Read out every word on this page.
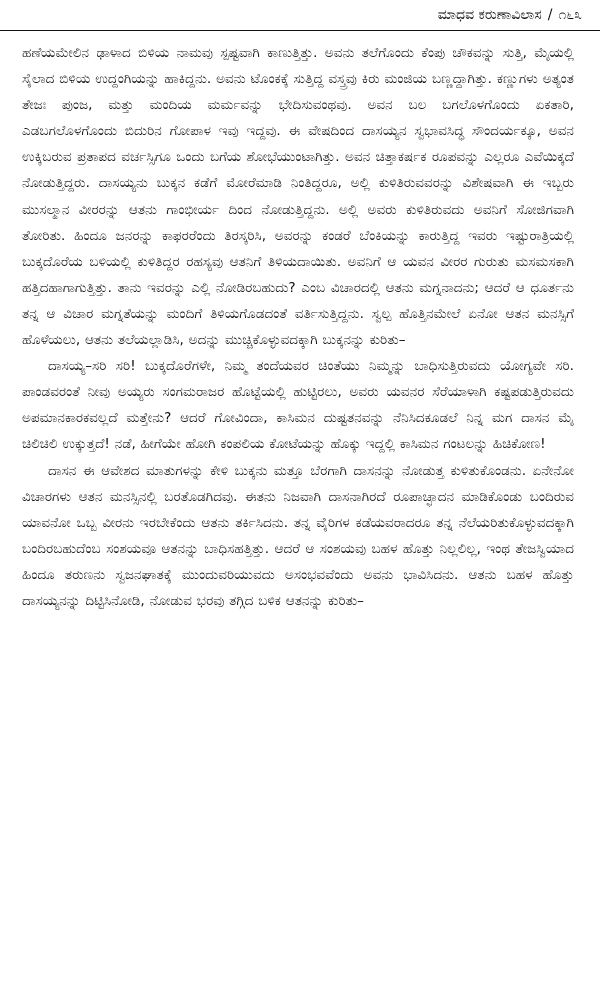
ಮಾಧವ ಕರುಣಾವಿಲಾಸ / ೧೬೩

ಹಣೆಯಮೇಲಿನ ಢಾಳಾದ ಬಿಳಿಯ ನಾಮವು ಸ್ಪಷ್ಟವಾಗಿ ಕಾಣುತ್ತಿತ್ತು. ಅವನು ತಲೆಗೊಂದು ಕೆಂಪು ಚೌಕವನ್ನು ಸುತ್ತಿ, ಮೈಯಲ್ಲಿ ಸೈಲಾದ ಬಿಳಿಯ ಉದ್ದಂಗಿಯನ್ನು ಹಾಕಿದ್ದನು. ಅವನು ಟೊಂಕಕ್ಕೆ ಸುತ್ತಿದ್ದ ವಸ್ತ್ರವು ಕಿರು ಮಂಜಿಯ ಬಣ್ಣದ್ದಾಗಿತ್ತು. ಕಣ್ಣುಗಳು ಅತ್ಯಂತ ತೇಜಃ ಪುಂಜ, ಮತ್ತು ಮಂದಿಯ ಮರ್ಮವನ್ನು ಭೇದಿಸುವಂಥವು. ಅವನ ಬಲ ಬಗಲೊಳಗೊಂದು ಏಕತಾರಿ, ಎಡಬಗಲೊಳಗೊಂದು ಬಿದುರಿನ ಗೋಪಾಳ ಇವು ಇದ್ದವು. ಈ ವೇಷದಿಂದ ದಾಸಯ್ಯನ ಸ್ವಭಾವಸಿದ್ಧ ಸೌಂದರ್ಯಕ್ಕೂ, ಅವನ ಉಕ್ಕಿಬರುವ ಪ್ರತಾಪದ ವರ್ಚಸ್ಸಿಗೂ ಒಂದು ಬಗೆಯ ಶೋಭೆಯುಂಟಾಗಿತ್ತು. ಅವನ ಚಿತ್ತಾಕರ್ಷಕ ರೂಪವನ್ನು ಎಲ್ಲರೂ ಎವೆಯಿಕ್ಕದೆ ನೋಡುತ್ತಿದ್ದರು. ದಾಸಯ್ಯನು ಬುಕ್ಕನ ಕಡೆಗೆ ಮೋರೆಮಾಡಿ ನಿಂತಿದ್ದರೂ, ಅಲ್ಲಿ ಕುಳಿತಿರುವವರನ್ನು ವಿಶೇಷವಾಗಿ ಈ ಇಬ್ಬರು ಮುಸಲ್ಮಾನ ವೀರರನ್ನು ಆತನು ಗಾಂಭೀರ್ಯ ದಿಂದ ನೋಡುತ್ತಿದ್ದನು. ಅಲ್ಲಿ ಅವರು ಕುಳಿತಿರುವದು ಅವನಿಗೆ ಸೋಜಿಗವಾಗಿ ತೋರಿತು. ಹಿಂದೂ ಜನರನ್ನು ಕಾಫರರೆಂದು ತಿರಸ್ಕರಿಸಿ, ಅವರನ್ನು ಕಂಡರೆ ಬೆಂಕಿಯನ್ನು ಕಾರುತ್ತಿದ್ದ ಇವರು ಇಷ್ಟುರಾತ್ರಿಯಲ್ಲಿ ಬುಕ್ಕದೊರೆಯ ಬಳಿಯಲ್ಲಿ ಕುಳಿತಿದ್ದರ ರಹಸ್ಯವು ಆತನಿಗೆ ತಿಳಿಯದಾಯಿತು. ಅವನಿಗೆ ಆ ಯವನ ವೀರರ ಗುರುತು ಮಸಮಸಕಾಗಿ ಹತ್ತಿದಹಾಗಾಗುತ್ತಿತ್ತು. ತಾನು ಇವರನ್ನು ಎಲ್ಲಿ ನೋಡಿರಬಹುದು? ಎಂಬ ವಿಚಾರದಲ್ಲಿ ಆತನು ಮಗ್ನನಾದನು; ಆದರೆ ಆ ಧೂರ್ತನು ತನ್ನ ಆ ವಿಚಾರ ಮಗ್ನತೆಯನ್ನು ಮಂದಿಗೆ ತಿಳಿಯಗೊಡದಂತೆ ವರ್ತಿಸುತ್ತಿದ್ದನು. ಸ್ವಲ್ಪ ಹೊತ್ತಿನಮೇಲೆ ಏನೋ ಆತನ ಮನಸ್ಸಿಗೆ ಹೊಳೆಯಲು, ಆತನು ತಲೆಯಲ್ಲಾಡಿಸಿ, ಅದನ್ನು ಮುಚ್ಚಿಕೊಳ್ಳುವದಕ್ಕಾಗಿ ಬುಕ್ಕನನ್ನು ಕುರಿತು–

ದಾಸಯ್ಯ–ಸರಿ ಸರಿ! ಬುಕ್ಕದೊರೆಗಳೇ, ನಿಮ್ಮ ತಂದೆಯವರ ಚಿಂತೆಯು ನಿಮ್ಮನ್ನು ಬಾಧಿಸುತ್ತಿರುವದು ಯೋಗ್ಯವೇ ಸರಿ. ಪಾಂಡವರಂತೆ ನೀವು ಅಯ್ಯರು ಸಂಗಮರಾಜರ ಹೊಟ್ಟೆಯಲ್ಲಿ ಹುಟ್ಟಿರಲು, ಅವರು ಯವನರ ಸೆರೆಯಾಳಾಗಿ ಕಷ್ಟಪಡುತ್ತಿರುವದು ಅಪಮಾನಕಾರಕವಲ್ಲದೆ ಮತ್ತೇನು? ಆದರೆ ಗೋವಿಂದಾ, ಕಾಸಿಮನ ದುಷ್ಟತನವನ್ನು ನೆನಿಸಿದಕೂಡಲೆ ನಿನ್ನ ಮಗ ದಾಸನ ಮೈ ಚಿಲಿಚಿಲಿ ಉಕ್ಕುತ್ತದೆ! ನಡೆ, ಹೀಗೆಯೇ ಹೋಗಿ ಕಂಪಲಿಯ ಕೋಟೆಯನ್ನು ಹೊಕ್ಕು ಇದ್ದಲ್ಲಿ ಕಾಸಿಮನ ಗಂಟಲನ್ನು ಹಿಚಿಕೋಣ!

ದಾಸನ ಈ ಆವೇಶದ ಮಾತುಗಳನ್ನು ಕೇಳಿ ಬುಕ್ಕನು ಮತ್ತೂ ಬೆರಗಾಗಿ ದಾಸನನ್ನು ನೋಡುತ್ತ ಕುಳಿತುಕೊಂಡನು. ಏನೇನೋ ವಿಚಾರಗಳು ಆತನ ಮನಸ್ಸಿನಲ್ಲಿ ಬರತೊಡಗಿದವು. ಈತನು ನಿಜವಾಗಿ ದಾಸನಾಗಿರದೆ ರೂಪಾಚ್ಛಾದನ ಮಾಡಿಕೊಂಡು ಬಂದಿರುವ ಯಾವನೋ ಒಬ್ಬ ವೀರನು ಇರಬೇಕೆಂದು ಆತನು ತರ್ಕಿಸಿದನು. ತನ್ನ ವೈರಿಗಳ ಕಡೆಯವರಾದರೂ ತನ್ನ ನೆಲೆಯರಿತುಕೊಳ್ಳುವದಕ್ಕಾಗಿ ಬಂದಿರಬಹುದೆಂಬ ಸಂಶಯವೂ ಆತನನ್ನು ಬಾಧಿಸಹತ್ತಿತ್ತು. ಆದರೆ ಆ ಸಂಶಯವು ಬಹಳ ಹೊತ್ತು ನಿಲ್ಲಲಿಲ್ಲ, ಇಂಥ ತೇಜಸ್ವಿಯಾದ ಹಿಂದೂ ತರುಣನು ಸ್ವಜನಘಾತಕ್ಕೆ ಮುಂದುವರಿಯುವದು ಅಸಂಭವವೆಂದು ಅವನು ಭಾವಿಸಿದನು. ಆತನು ಬಹಳ ಹೊತ್ತು ದಾಸಯ್ಯನನ್ನು ದಿಟ್ಟಿಸಿನೋಡಿ, ನೋಡುವ ಭರವು ತಗ್ಗಿದ ಬಳಿಕ ಆತನನ್ನು ಕುರಿತು–
